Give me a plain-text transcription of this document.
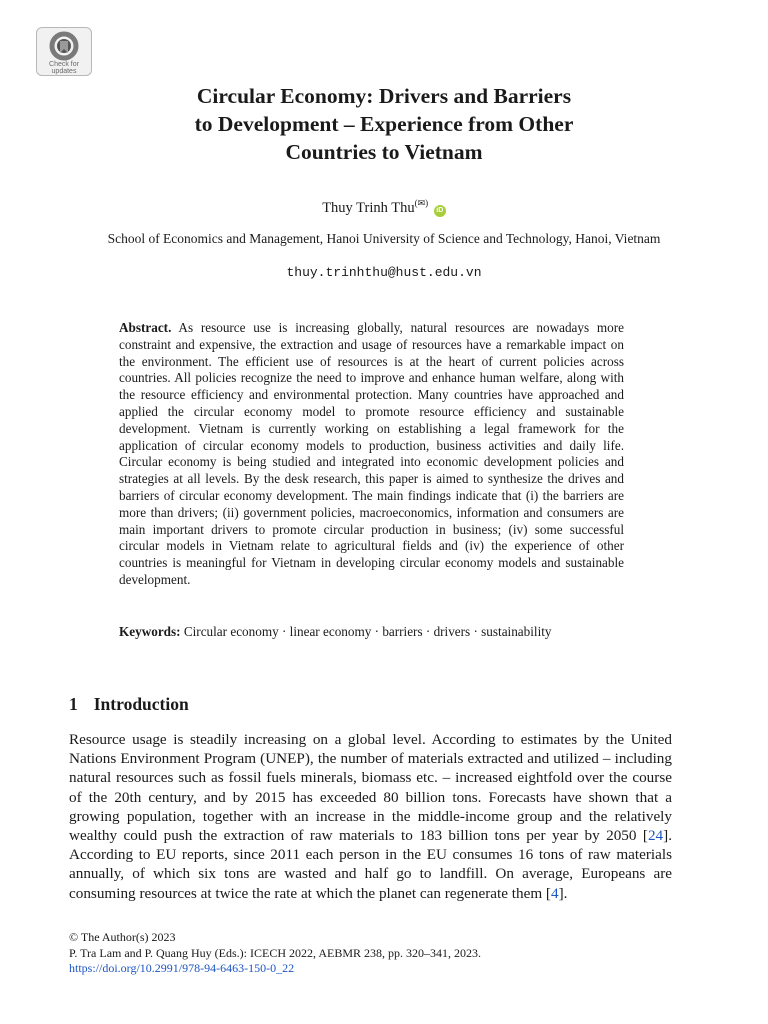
Check for updates
Circular Economy: Drivers and Barriers
to Development – Experience from Other
Countries to Vietnam
Thuy Trinh Thu(✉) iD
School of Economics and Management, Hanoi University of Science and Technology, Hanoi, Vietnam
thuy.trinhthu@hust.edu.vn
Abstract. As resource use is increasing globally, natural resources are nowadays more constraint and expensive, the extraction and usage of resources have a remarkable impact on the environment. The efficient use of resources is at the heart of current policies across countries. All policies recognize the need to improve and enhance human welfare, along with the resource efficiency and environmental protection. Many countries have approached and applied the circular economy model to promote resource efficiency and sustainable development. Vietnam is currently working on establishing a legal framework for the application of circular economy models to production, business activities and daily life. Circular economy is being studied and integrated into economic development policies and strategies at all levels. By the desk research, this paper is aimed to synthesize the drives and barriers of circular economy development. The main findings indicate that (i) the barriers are more than drivers; (ii) government policies, macroeconomics, information and consumers are main important drivers to promote circular production in business; (iv) some successful circular models in Vietnam relate to agricultural fields and (iv) the experience of other countries is meaningful for Vietnam in developing circular economy models and sustainable development.
Keywords: Circular economy · linear economy · barriers · drivers · sustainability
1 Introduction
Resource usage is steadily increasing on a global level. According to estimates by the United Nations Environment Program (UNEP), the number of materials extracted and utilized – including natural resources such as fossil fuels minerals, biomass etc. – increased eightfold over the course of the 20th century, and by 2015 has exceeded 80 billion tons. Forecasts have shown that a growing population, together with an increase in the middle-income group and the relatively wealthy could push the extraction of raw materials to 183 billion tons per year by 2050 [24]. According to EU reports, since 2011 each person in the EU consumes 16 tons of raw materials annually, of which six tons are wasted and half go to landfill. On average, Europeans are consuming resources at twice the rate at which the planet can regenerate them [4].
© The Author(s) 2023
P. Tra Lam and P. Quang Huy (Eds.): ICECH 2022, AEBMR 238, pp. 320–341, 2023.
https://doi.org/10.2991/978-94-6463-150-0_22
